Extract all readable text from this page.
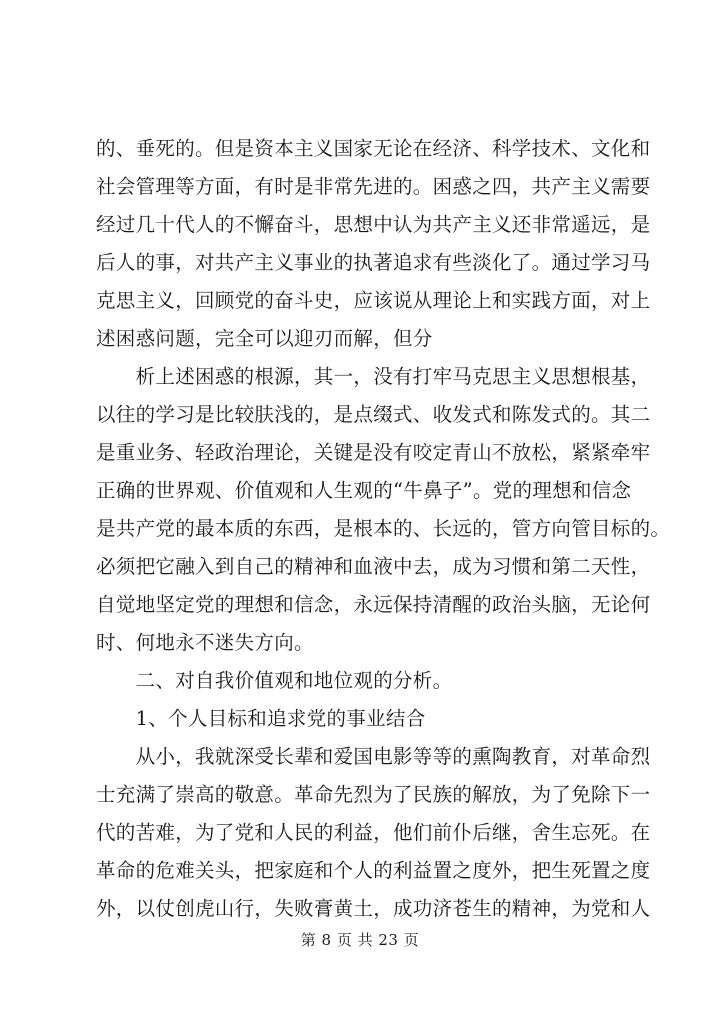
的、垂死的。但是资本主义国家无论在经济、科学技术、文化和
社会管理等方面，有时是非常先进的。困惑之四，共产主义需要
经过几十代人的不懈奋斗，思想中认为共产主义还非常遥远，是
后人的事，对共产主义事业的执著追求有些淡化了。通过学习马
克思主义，回顾党的奋斗史，应该说从理论上和实践方面，对上
述困惑问题，完全可以迎刃而解，但分
　　析上述困惑的根源，其一，没有打牢马克思主义思想根基，
以往的学习是比较肤浅的，是点缀式、收发式和陈发式的。其二
是重业务、轻政治理论，关键是没有咬定青山不放松，紧紧牵牢
正确的世界观、价值观和人生观的“牛鼻子”。党的理想和信念
是共产党的最本质的东西，是根本的、长远的，管方向管目标的。
必须把它融入到自己的精神和血液中去，成为习惯和第二天性，
自觉地坚定党的理想和信念，永远保持清醒的政治头脑，无论何
时、何地永不迷失方向。
　　二、对自我价值观和地位观的分析。
　　1、个人目标和追求党的事业结合
　　从小，我就深受长辈和爱国电影等等的熏陶教育，对革命烈
士充满了崇高的敬意。革命先烈为了民族的解放，为了免除下一
代的苦难，为了党和人民的利益，他们前仆后继，舍生忘死。在
革命的危难关头，把家庭和个人的利益置之度外，把生死置之度
外，以仗创虎山行，失败膏黄土，成功济苍生的精神，为党和人
第 8 页 共 23 页
